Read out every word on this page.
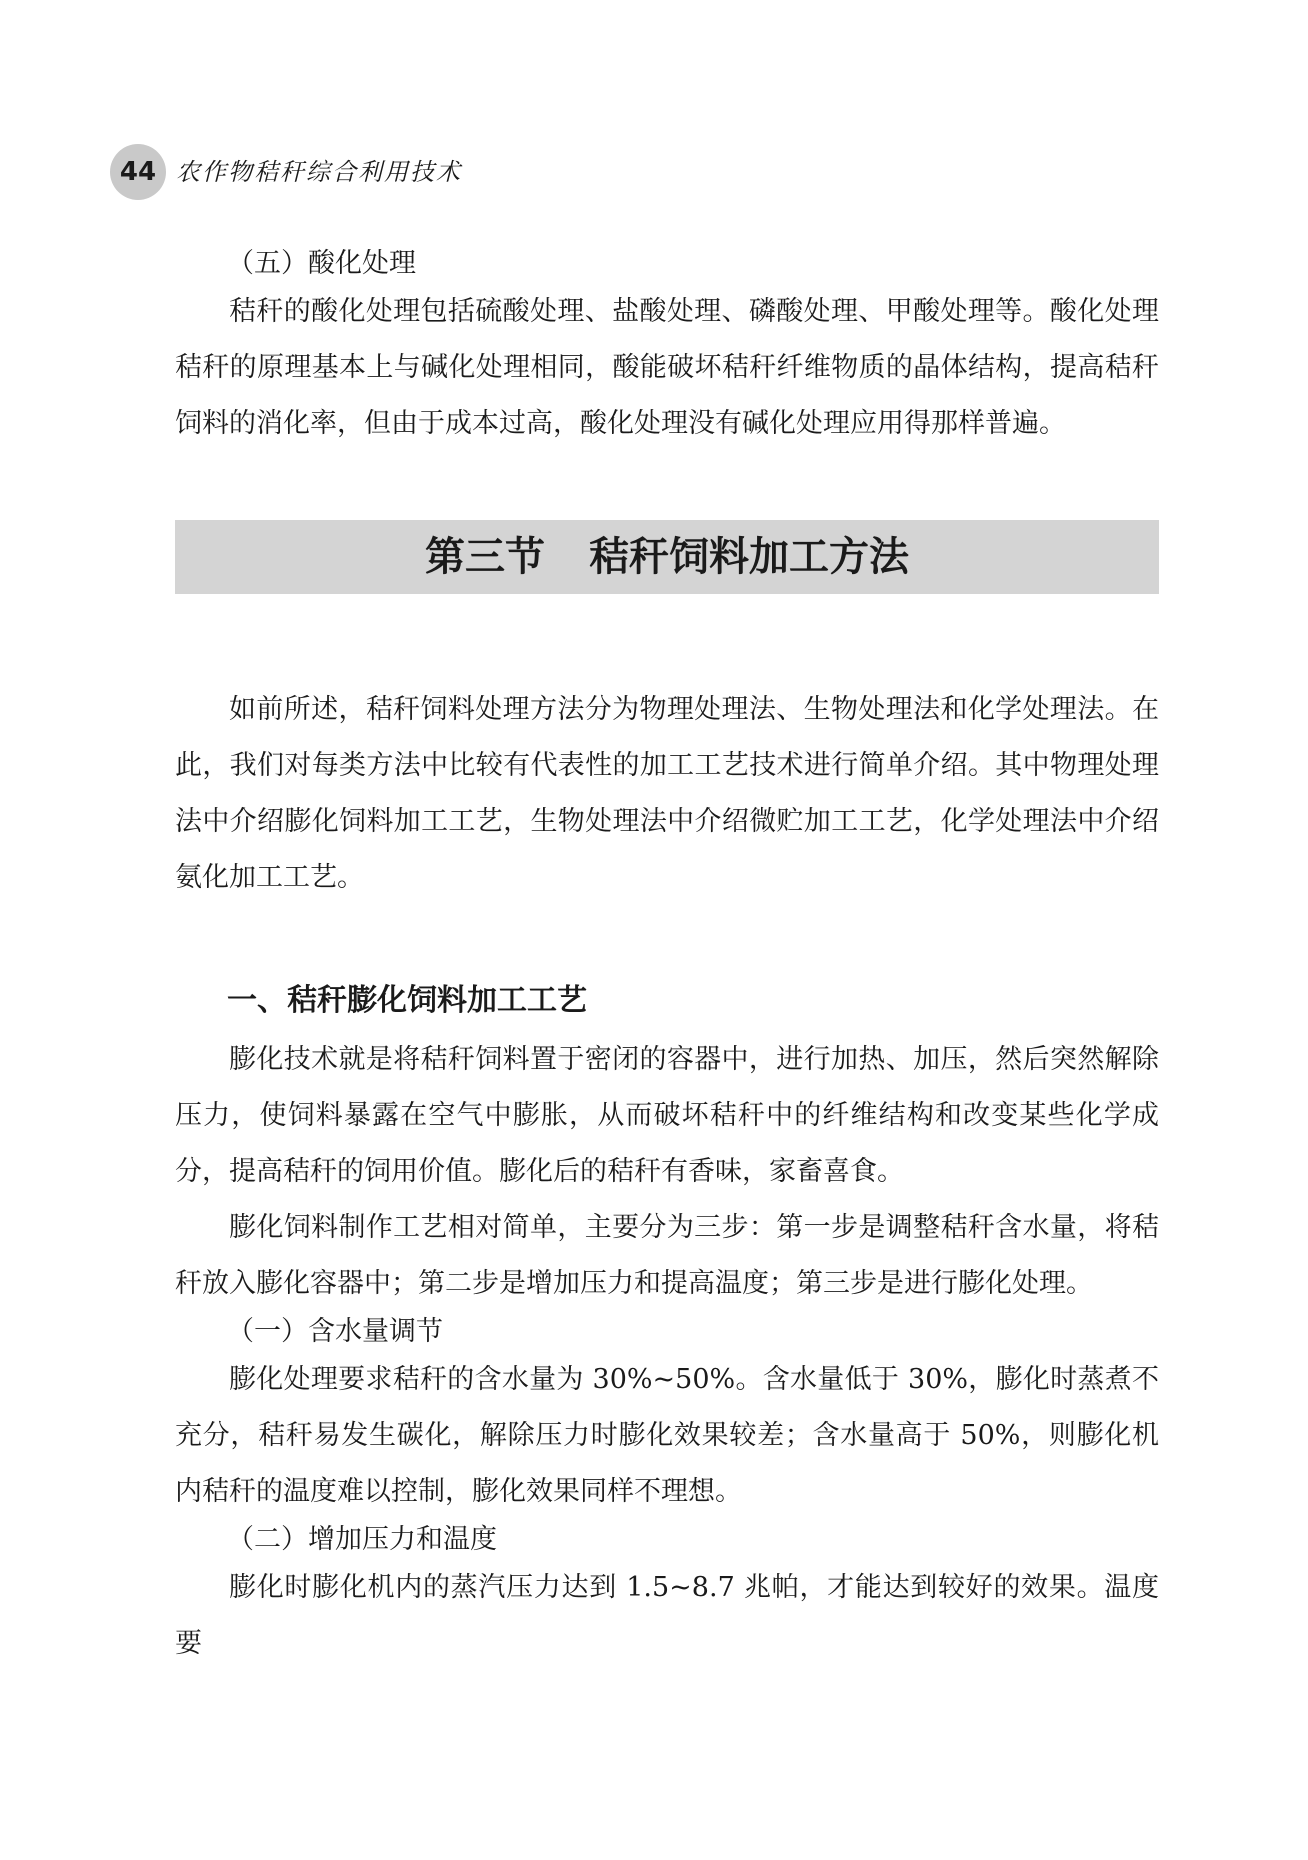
44 农作物秸秆综合利用技术

（五）酸化处理

秸秆的酸化处理包括硫酸处理、盐酸处理、磷酸处理、甲酸处理等。酸化处理秸秆的原理基本上与碱化处理相同，酸能破坏秸秆纤维物质的晶体结构，提高秸秆饲料的消化率，但由于成本过高，酸化处理没有碱化处理应用得那样普遍。

第三节 秸秆饲料加工方法

如前所述，秸秆饲料处理方法分为物理处理法、生物处理法和化学处理法。在此，我们对每类方法中比较有代表性的加工工艺技术进行简单介绍。其中物理处理法中介绍膨化饲料加工工艺，生物处理法中介绍微贮加工工艺，化学处理法中介绍氨化加工工艺。

一、秸秆膨化饲料加工工艺

膨化技术就是将秸秆饲料置于密闭的容器中，进行加热、加压，然后突然解除压力，使饲料暴露在空气中膨胀，从而破坏秸秆中的纤维结构和改变某些化学成分，提高秸秆的饲用价值。膨化后的秸秆有香味，家畜喜食。

膨化饲料制作工艺相对简单，主要分为三步：第一步是调整秸秆含水量，将秸秆放入膨化容器中；第二步是增加压力和提高温度；第三步是进行膨化处理。

（一）含水量调节

膨化处理要求秸秆的含水量为 30%~50%。含水量低于 30%，膨化时蒸煮不充分，秸秆易发生碳化，解除压力时膨化效果较差；含水量高于 50%，则膨化机内秸秆的温度难以控制，膨化效果同样不理想。

（二）增加压力和温度

膨化时膨化机内的蒸汽压力达到 1.5~8.7 兆帕，才能达到较好的效果。温度要
